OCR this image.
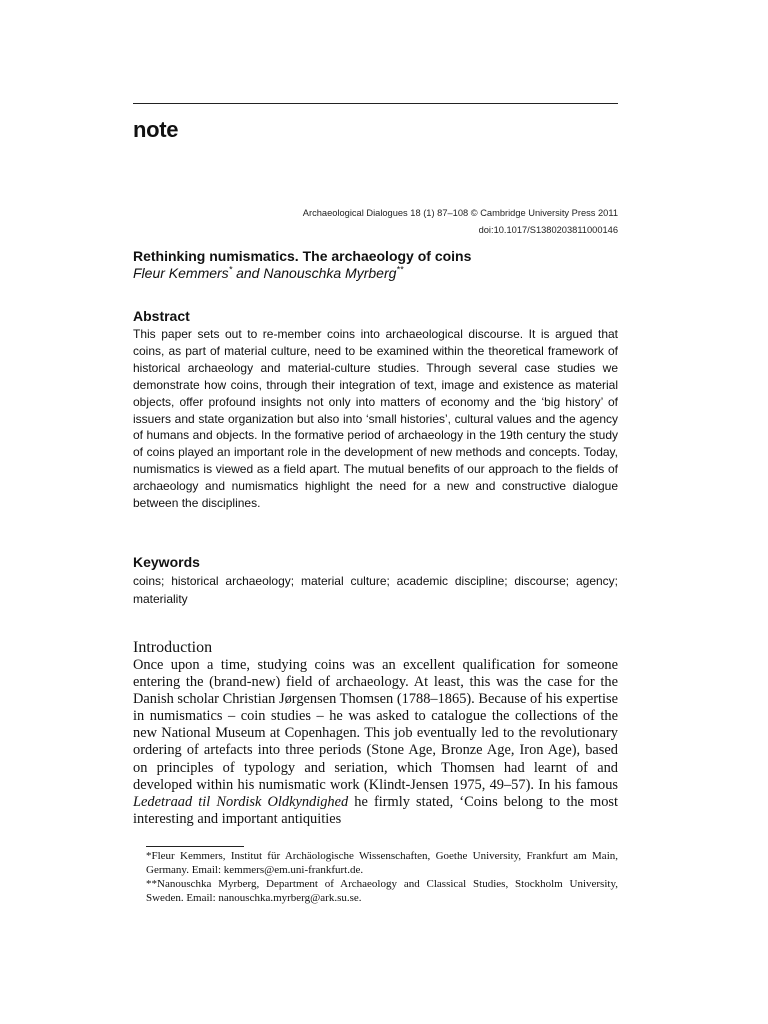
note
Archaeological Dialogues 18 (1) 87–108 © Cambridge University Press 2011
doi:10.1017/S1380203811000146
Rethinking numismatics. The archaeology of coins
Fleur Kemmers* and Nanouschka Myrberg**
Abstract

This paper sets out to re-member coins into archaeological discourse. It is argued that coins, as part of material culture, need to be examined within the theoretical framework of historical archaeology and material-culture studies. Through several case studies we demonstrate how coins, through their integration of text, image and existence as material objects, offer profound insights not only into matters of economy and the ‘big history’ of issuers and state organization but also into ‘small histories’, cultural values and the agency of humans and objects. In the formative period of archaeology in the 19th century the study of coins played an important role in the development of new methods and concepts. Today, numismatics is viewed as a field apart. The mutual benefits of our approach to the fields of archaeology and numismatics highlight the need for a new and constructive dialogue between the disciplines.

Keywords

coins; historical archaeology; material culture; academic discipline; discourse; agency; materiality

Introduction

Once upon a time, studying coins was an excellent qualification for someone entering the (brand-new) field of archaeology. At least, this was the case for the Danish scholar Christian Jørgensen Thomsen (1788–1865). Because of his expertise in numismatics – coin studies – he was asked to catalogue the collections of the new National Museum at Copenhagen. This job eventually led to the revolutionary ordering of artefacts into three periods (Stone Age, Bronze Age, Iron Age), based on principles of typology and seriation, which Thomsen had learnt of and developed within his numismatic work (Klindt-Jensen 1975, 49–57). In his famous Ledetraad til Nordisk Oldkyndighed he firmly stated, ‘Coins belong to the most interesting and important antiquities

*Fleur Kemmers, Institut für Archäologische Wissenschaften, Goethe University, Frankfurt am Main, Germany. Email: kemmers@em.uni-frankfurt.de.

**Nanouschka Myrberg, Department of Archaeology and Classical Studies, Stockholm University, Sweden. Email: nanouschka.myrberg@ark.su.se.
